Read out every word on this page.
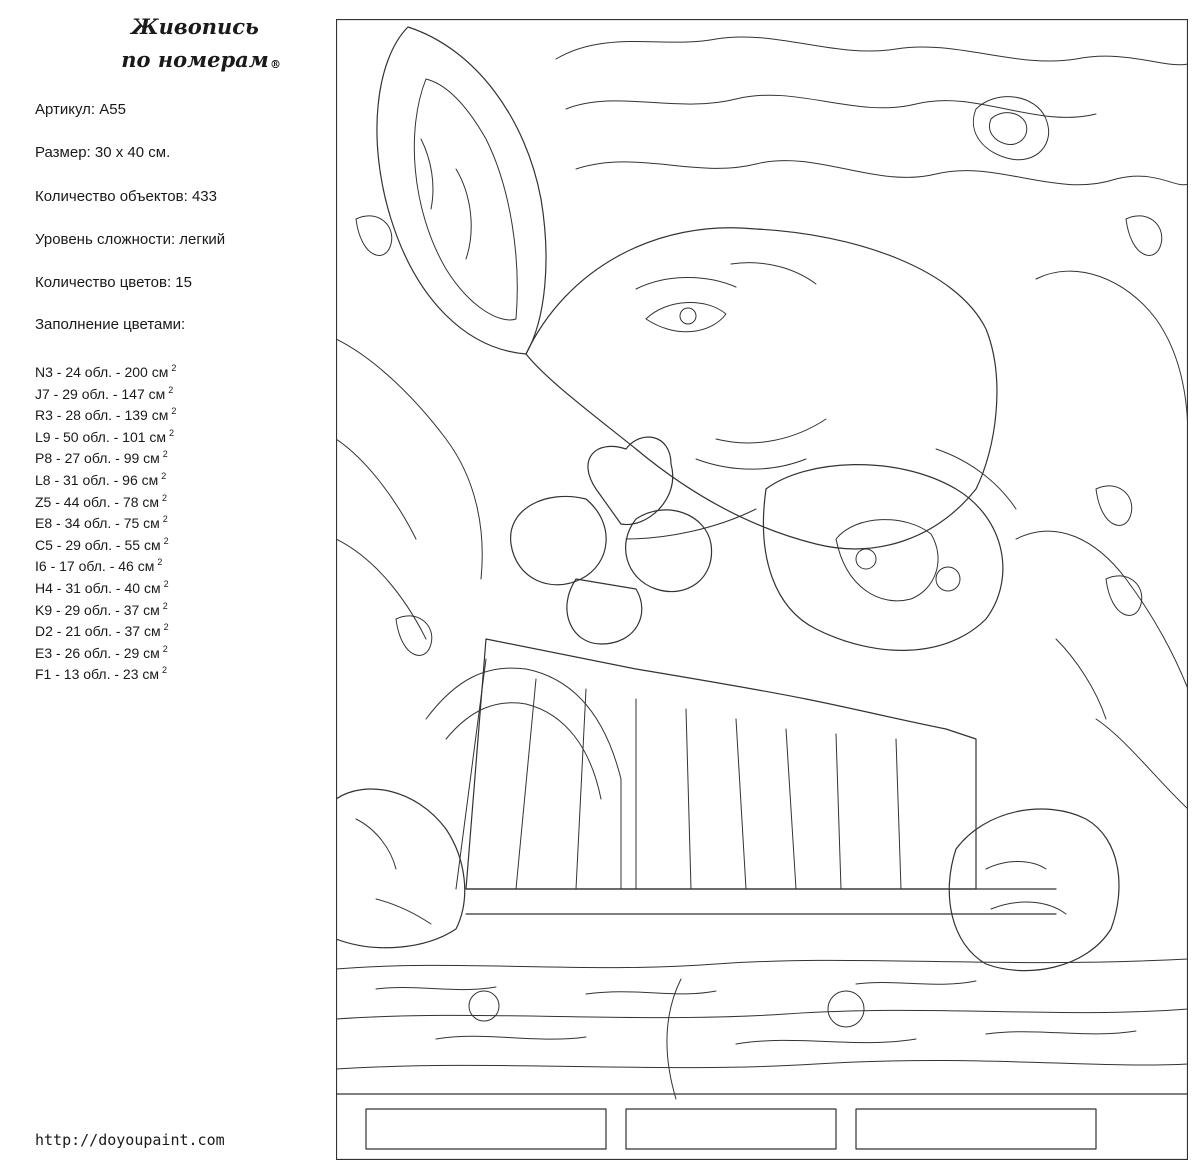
Живопись
по номерам ®
Артикул: A55
Размер: 30 х 40 см.
Количество объектов: 433
Уровень сложности: легкий
Количество цветов: 15
Заполнение цветами:
N3 - 24 обл. - 200 см $^2$
J7 - 29 обл. - 147 см $^2$
R3 - 28 обл. - 139 см $^2$
L9 - 50 обл. - 101 см $^2$
P8 - 27 обл. - 99 см $^2$
L8 - 31 обл. - 96 см $^2$
Z5 - 44 обл. - 78 см $^2$
E8 - 34 обл. - 75 см $^2$
C5 - 29 обл. - 55 см $^2$
I6 - 17 обл. - 46 см $^2$
H4 - 31 обл. - 40 см $^2$
K9 - 29 обл. - 37 см $^2$
D2 - 21 обл. - 37 см $^2$
E3 - 26 обл. - 29 см $^2$
F1 - 13 обл. - 23 см $^2$
http://doyoupaint.com
